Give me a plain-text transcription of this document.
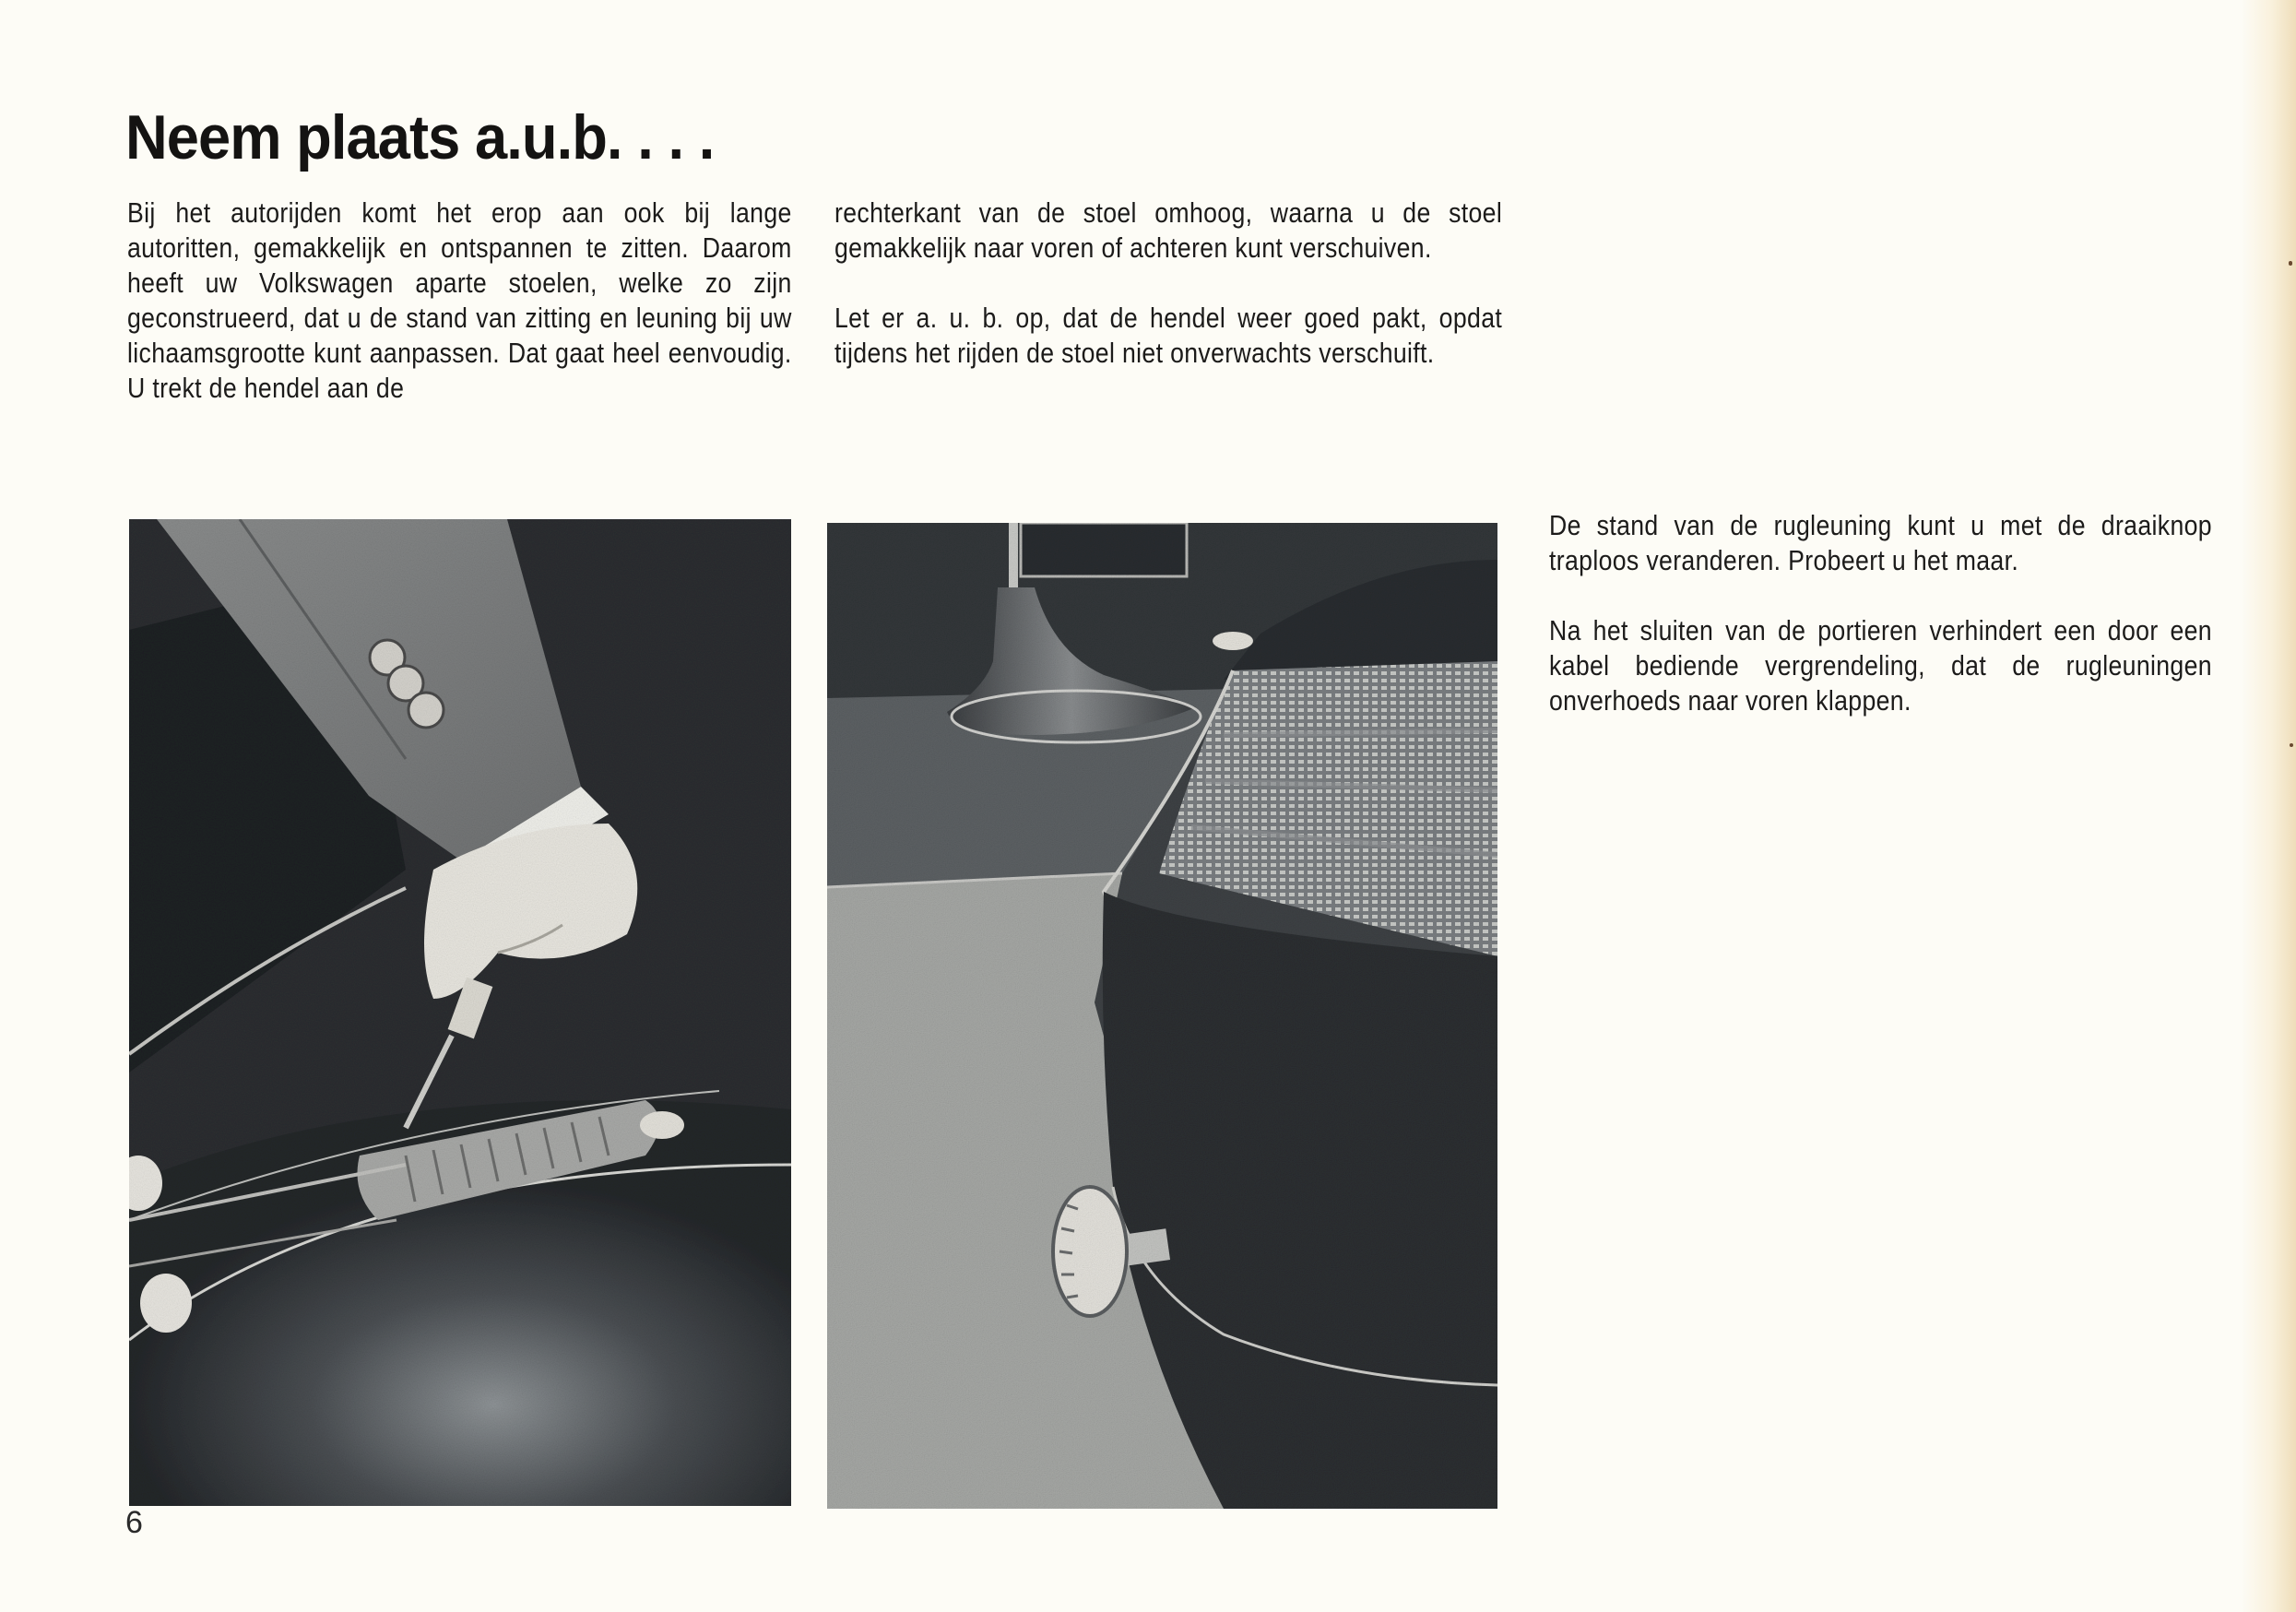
Neem plaats a.u.b. . . .

Bij het autorijden komt het erop aan ook bij lange autoritten, gemakkelijk en ontspannen te zitten. Daarom heeft uw Volkswagen aparte stoelen, welke zo zijn geconstrueerd, dat u de stand van zitting en leuning bij uw lichaamsgrootte kunt aanpassen. Dat gaat heel eenvoudig. U trekt de hendel aan de

rechterkant van de stoel omhoog, waarna u de stoel gemakkelijk naar voren of achteren kunt verschuiven.

Let er a. u. b. op, dat de hendel weer goed pakt, opdat tijdens het rijden de stoel niet onverwachts verschuift.

De stand van de rugleuning kunt u met de draaiknop traploos veranderen. Probeert u het maar.

Na het sluiten van de portieren verhindert een door een kabel bediende vergrendeling, dat de rugleuningen onverhoeds naar voren klappen.

6
